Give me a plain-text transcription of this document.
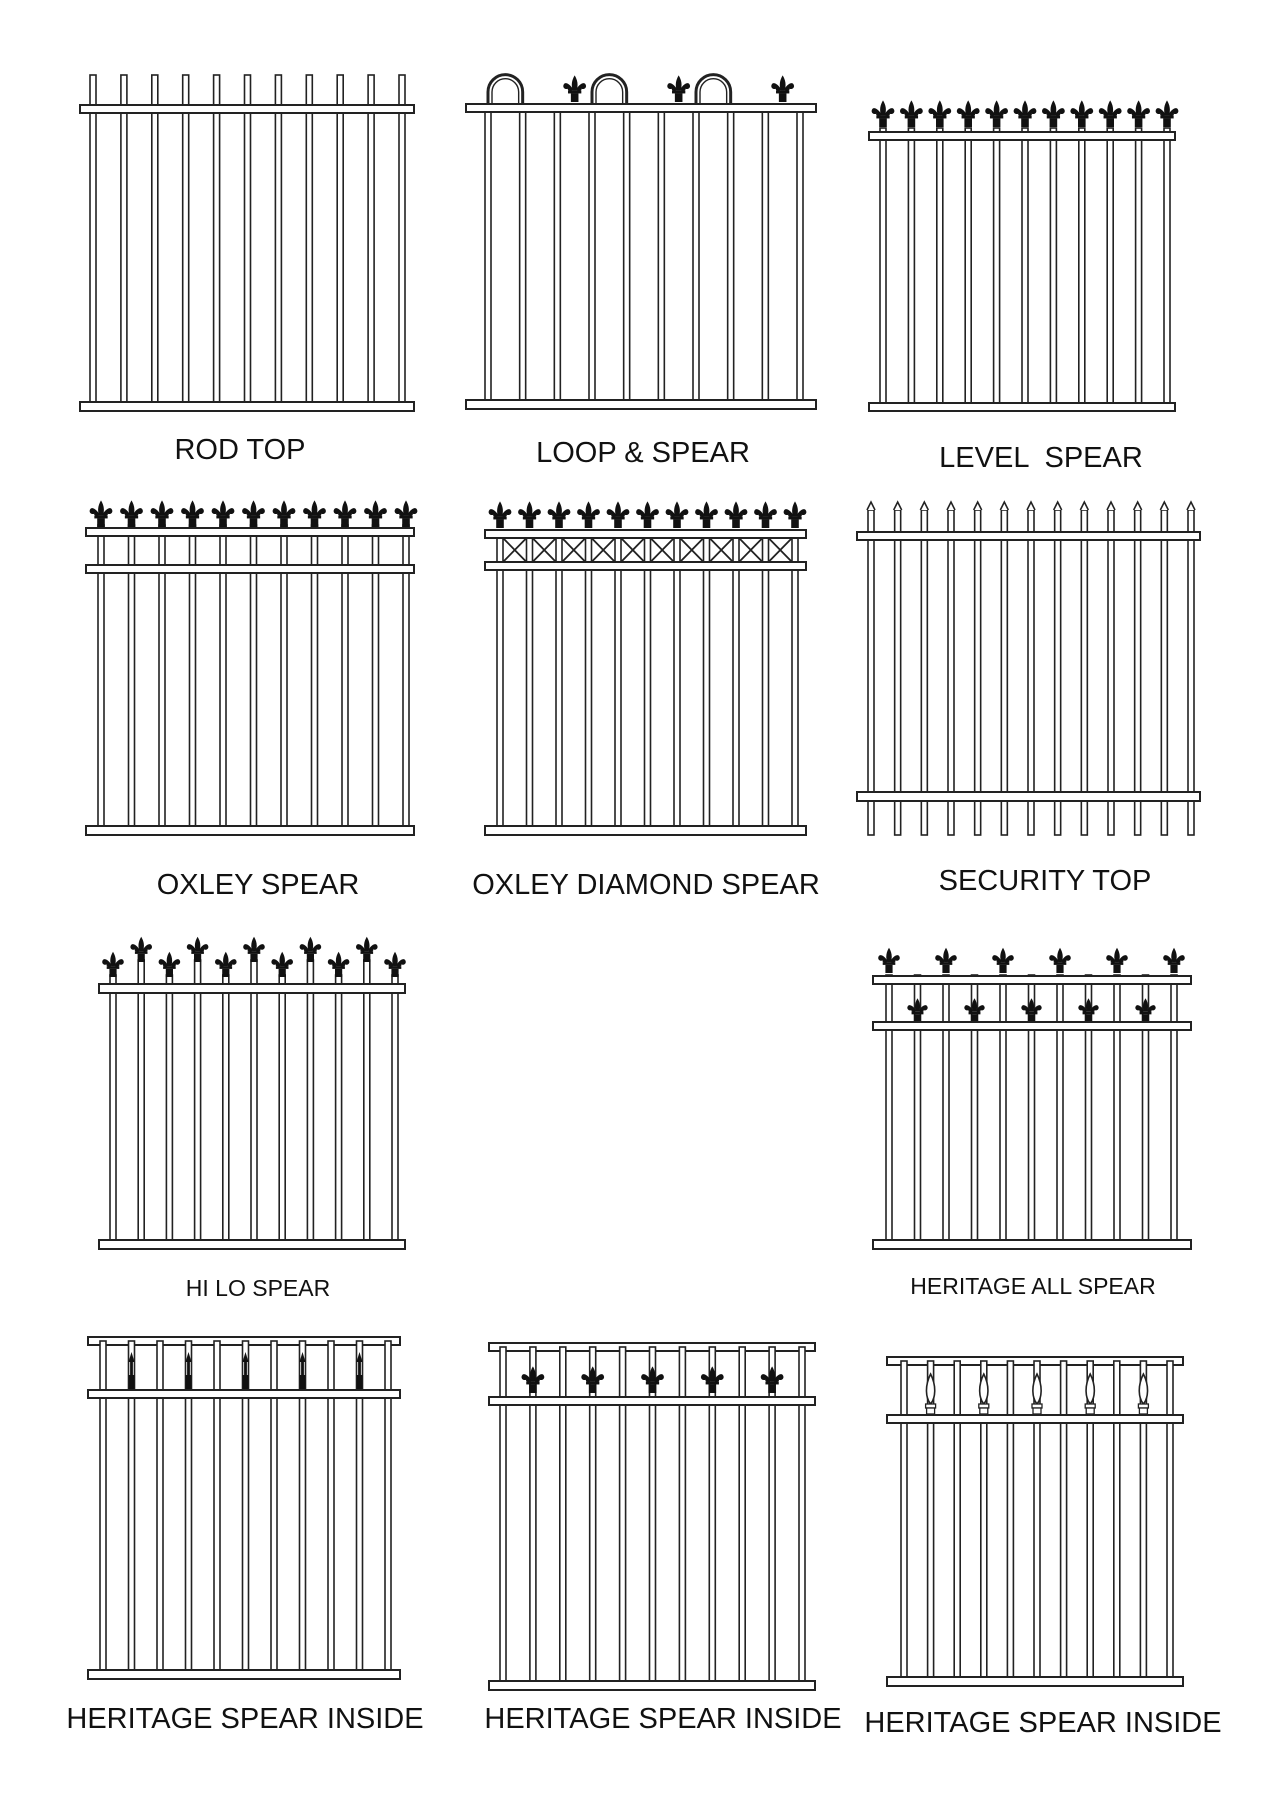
ROD TOP	LOOP & SPEAR	LEVEL  SPEAR
OXLEY SPEAR	OXLEY DIAMOND SPEAR	SECURITY TOP
HI LO SPEAR	HERITAGE ALL SPEAR
HERITAGE SPEAR INSIDE HERITAGE SPEAR INSIDE HERITAGE SPEAR INSIDE
